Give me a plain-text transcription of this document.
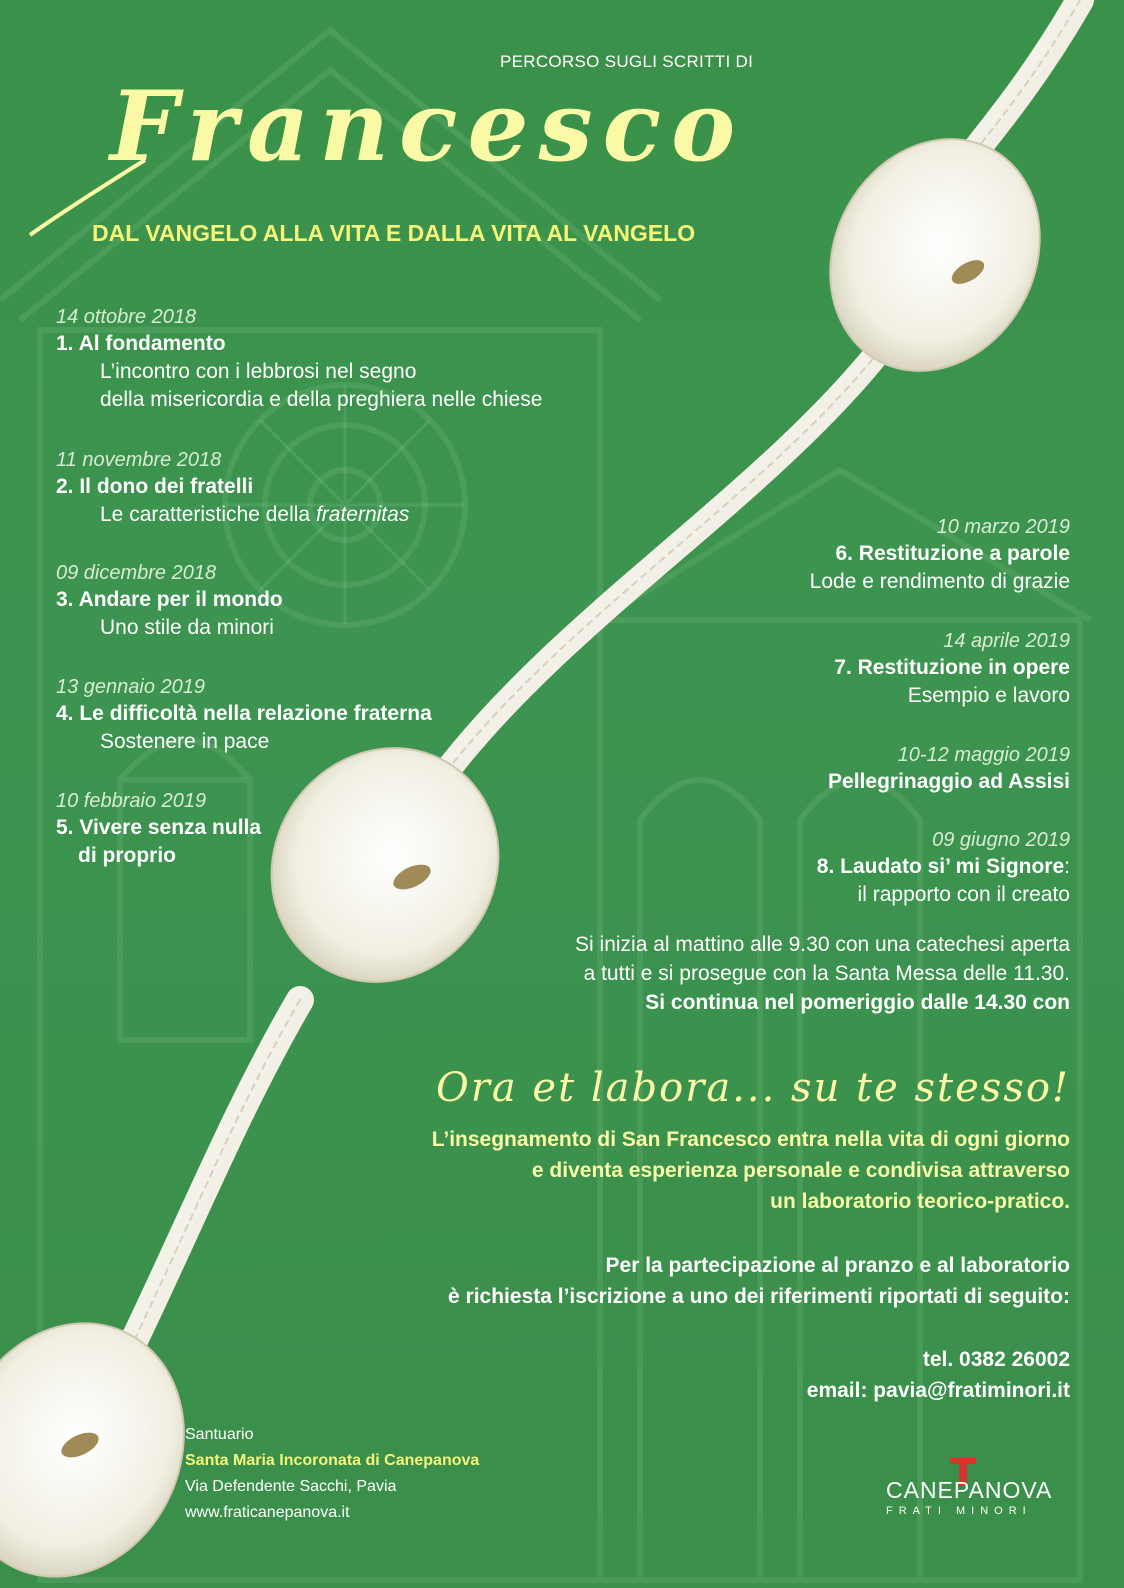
PERCORSO SUGLI SCRITTI DI
Francesco
DAL VANGELO ALLA VITA E DALLA VITA AL VANGELO
14 ottobre 2018
1. Al fondamento
L’incontro con i lebbrosi nel segno
della misericordia e della preghiera nelle chiese
11 novembre 2018
2. Il dono dei fratelli
Le caratteristiche della fraternitas
09 dicembre 2018
3. Andare per il mondo
Uno stile da minori
13 gennaio 2019
4. Le difficoltà nella relazione fraterna
Sostenere in pace
10 febbraio 2019
5. Vivere senza nulla
di proprio
10 marzo 2019
6. Restituzione a parole
Lode e rendimento di grazie
14 aprile 2019
7. Restituzione in opere
Esempio e lavoro
10-12 maggio 2019
Pellegrinaggio ad Assisi
09 giugno 2019
8. Laudato si’ mi Signore:
il rapporto con il creato
Si inizia al mattino alle 9.30 con una catechesi aperta
a tutti e si prosegue con la Santa Messa delle 11.30.
Si continua nel pomeriggio dalle 14.30 con
Ora et labora... su te stesso!
L’insegnamento di San Francesco entra nella vita di ogni giorno
e diventa esperienza personale e condivisa attraverso
un laboratorio teorico-pratico.
Per la partecipazione al pranzo e al laboratorio
è richiesta l’iscrizione a uno dei riferimenti riportati di seguito:
tel. 0382 26002
email: pavia@fratiminori.it
Santuario
Santa Maria Incoronata di Canepanova
Via Defendente Sacchi, Pavia
www.fraticanepanova.it
CANEPANOVA
FRATI MINORI
